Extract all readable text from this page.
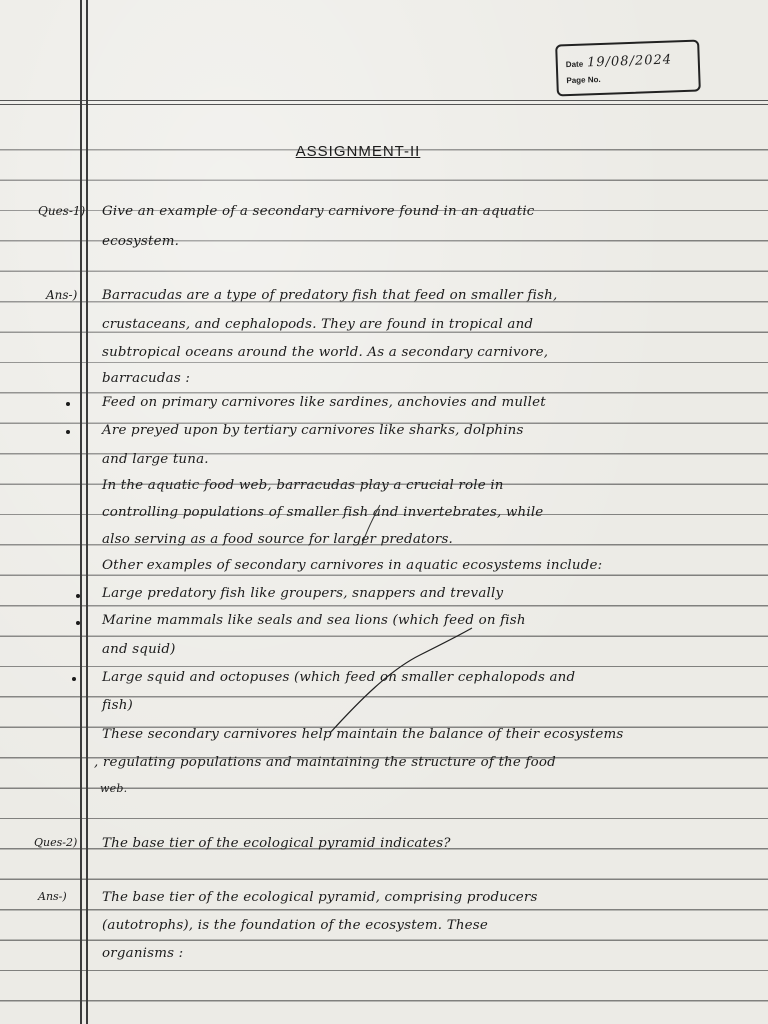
Date 19/08/2024
Page No.
ASSIGNMENT-II
Ques-1) Give an example of a secondary carnivore found in an aquatic
ecosystem.
Ans-) Barracudas are a type of predatory fish that feed on smaller fish,
crustaceans, and cephalopods. They are found in tropical and
subtropical oceans around the world. As a secondary carnivore,
barracudas :
Feed on primary carnivores like sardines, anchovies and mullet
Are preyed upon by tertiary carnivores like sharks, dolphins
and large tuna.
In the aquatic food web, barracudas play a crucial role in
controlling populations of smaller fish and invertebrates, while
also serving as a food source for larger predators.
Other examples of secondary carnivores in aquatic ecosystems include:
Large predatory fish like groupers, snappers and trevally
Marine mammals like seals and sea lions (which feed on fish
and squid)
Large squid and octopuses (which feed on smaller cephalopods and
fish)
These secondary carnivores help maintain the balance of their ecosystems
, regulating populations and maintaining the structure of the food
web.
Ques-2) The base tier of the ecological pyramid indicates?
Ans-)	The base tier of the ecological pyramid, comprising producers
(autotrophs), is the foundation of the ecosystem. These
organisms :
